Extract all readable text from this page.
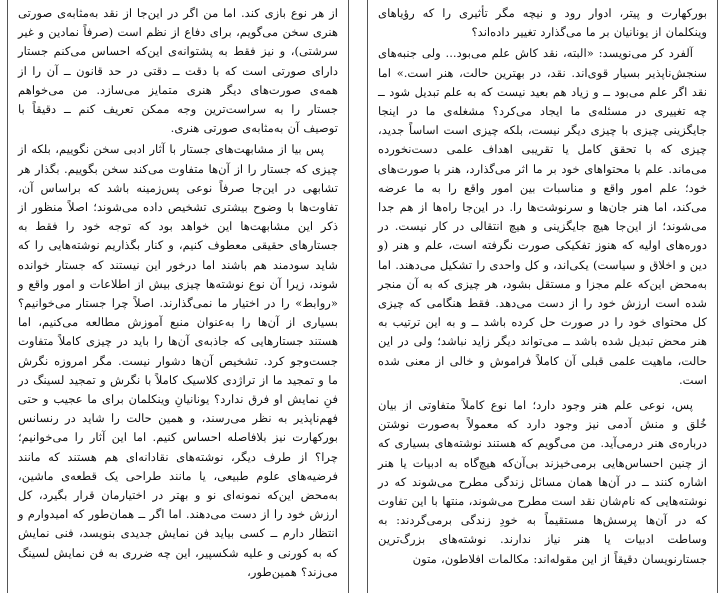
بورکهارت و پیتر، ادوار رود و نیچه مگر تأثیری را که رؤیاهای وینکلمان از یونانیان بر ما می‌گذارد تغییر داده‌اند؟

آلفرد کر می‌نویسد: «البته، نقد کاش علم می‌بود... ولی جنبه‌های سنجش‌ناپذیر بسیار قوی‌اند. نقد، در بهترین حالت، هنر است.» اما نقد اگر علم می‌بود ــ و زیاد هم بعید نیست که به علم تبدیل شود ــ چه تغییری در مسئله‌ی ما ایجاد می‌کرد؟ مشغله‌ی ما در اینجا جایگزینی چیزی با چیزی دیگر نیست، بلکه چیزی است اساساً جدید، چیزی که با تحقق کامل یا تقریبی اهداف علمی دست‌نخورده می‌ماند. علم با محتواهای خود بر ما اثر می‌گذارد، هنر با صورت‌های خود؛ علم امور واقع و مناسبات بین امور واقع را به ما عرضه می‌کند، اما هنر جان‌ها و سرنوشت‌ها را. در این‌جا راه‌ها از هم جدا می‌شوند؛ از این‌جا هیچ جایگزینی و هیچ انتقالی در کار نیست. در دوره‌های اولیه که هنوز تفکیکی صورت نگرفته است، علم و هنر (و دین و اخلاق و سیاست) یکی‌اند، و کل واحدی را تشکیل می‌دهند. اما به‌محض این‌که علم مجزا و مستقل بشود، هر چیزی که به آن منجر شده است ارزش خود را از دست می‌دهد. فقط هنگامی که چیزی کل محتوای خود را در صورت حل کرده باشد ــ و به این ترتیب به هنر محض تبدیل شده باشد ــ می‌تواند دیگر زاید نباشد؛ ولی در این حالت، ماهیت علمی قبلی آن کاملاً فراموش و خالی از معنی شده است.

پس، نوعی علم هنر وجود دارد؛ اما نوع کاملاً متفاوتی از بیان خُلق و منش آدمی نیز وجود دارد که معمولاً به‌صورت نوشتن درباره‌ی هنر درمی‌آید. من می‌گویم که هستند نوشته‌های بسیاری که از چنین احساس‌هایی برمی‌خیزند بی‌آن‌که هیچ‌گاه به ادبیات یا هنر اشاره کنند ــ در آن‌ها همان مسائل زندگی مطرح می‌شوند که در نوشته‌هایی که نام‌شان نقد است مطرح می‌شوند، منتها با این تفاوت که در آن‌ها پرسش‌ها مستقیماً به خودِ زندگی برمی‌گردند: به وساطت ادبیات یا هنر نیاز ندارند. نوشته‌های بزرگ‌ترین جستارنویسان دقیقاً از این مقوله‌اند: مکالمات افلاطون، متون

از هر نوع بازی کند. اما من اگر در این‌جا از نقد به‌مثابه‌ی صورتی هنری سخن می‌گویم، برای دفاع از نظم است (صرفاً نمادین و غیر سرشتی)، و نیز فقط به پشتوانه‌ی این‌که احساس می‌کنم جستار دارای صورتی است که با دقت ــ دقتی در حد قانون ــ آن را از همه‌ی صورت‌های دیگر هنری متمایز می‌سازد. من می‌خواهم جستار را به سراست‌ترین وجه ممکن تعریف کنم ــ دقیقاً با توصیف آن به‌مثابه‌ی صورتی هنری.

پس بیا از مشابهت‌های جستار با آثار ادبی سخن نگوییم، بلکه از چیزی که جستار را از آن‌ها متفاوت می‌کند سخن بگوییم. بگذار هر تشابهی در این‌جا صرفاً نوعی پس‌زمینه باشد که براساس آن، تفاوت‌ها با وضوح بیشتری تشخیص داده می‌شوند؛ اصلاً منظور از ذکر این مشابهت‌ها این خواهد بود که توجه خود را فقط به جستارهای حقیقی معطوف کنیم، و کنار بگذاریم نوشته‌هایی را که شاید سودمند هم باشند اما درخور این نیستند که جستار خوانده شوند، زیرا آن نوع نوشته‌ها چیزی بیش از اطلاعات و امور واقع و «روابط» را در اختیار ما نمی‌گذارند. اصلاً چرا جستار می‌خوانیم؟ بسیاری از آن‌ها را به‌عنوان منبع آموزش مطالعه می‌کنیم، اما هستند جستارهایی که جاذبه‌ی آن‌ها را باید در چیزی کاملاً متفاوت جست‌وجو کرد. تشخیص آن‌ها دشوار نیست. مگر امروزه نگرش ما و تمجید ما از تراژدی کلاسیک کاملاً با نگرش و تمجید لسینگ در فنِ نمایش او فرق ندارد؟ یونانیانِ وینکلمان برای ما عجیب و حتی فهم‌ناپذیر به نظر می‌رسند، و همین حالت را شاید در رنسانس بورکهارت نیز بلافاصله احساس کنیم. اما این آثار را می‌خوانیم؛ چرا؟ از طرف دیگر، نوشته‌های نقادانه‌ای هم هستند که مانند فرضیه‌های علوم طبیعی، یا مانند طراحی یک قطعه‌ی ماشین، به‌محض این‌که نمونه‌ای نو و بهتر در اختیارمان قرار بگیرد، کل ارزش خود را از دست می‌دهند. اما اگر ــ همان‌طور که امیدوارم و انتظار دارم ــ کسی بیاید فن نمایش جدیدی بنویسد، فنی نمایش که به کورنی و علیه شکسپیر، این چه ضرری به فن نمایش لسینگ می‌زند؟ همین‌طور،
